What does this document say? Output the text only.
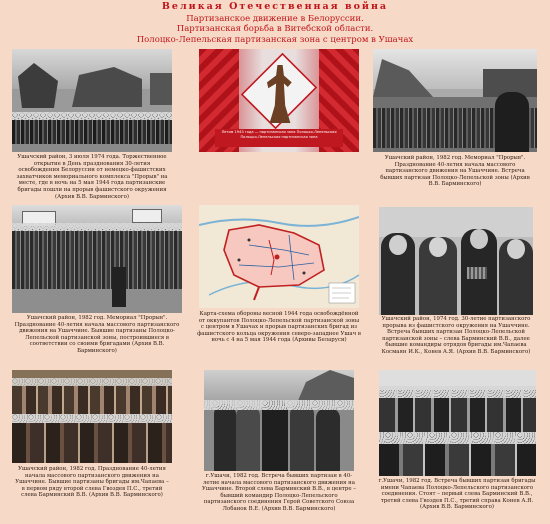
Великая Отечественная война
Партизанское движение в Белоруссии.
Партизанская борьба в Витебской области.
Полоцко-Лепельская партизанская зона с центром в Ушачах
Ушачский район, 3 июля 1974 года. Торжественное открытие в День празднования 30-летия освобождения Белоруссии от немецко-фашистских захватчиков мемориального комплекса "Прорыв" на месте, где в ночь на 5 мая 1944 года партизанские бригады пошли на прорыв фашистского окружения (Архив В.В. Барминского)
Летом 1943 года — партизанская зона Полоцко-Лепельская
Полоцко-Лепельская партизанская зона
Ушачский район, 1982 год. Мемориал "Прорыв". Празднование 40-летия начала массового партизанского движения на Ушаччине. Встреча бывших партизан Полоцко-Лепельской зоны (Архив В.В. Барминского)
Ушачский район, 1982 год. Мемориал "Прорыв". Празднование 40-летия начала массового партизанского движения на Ушаччине. Бывшие партизаны Полоцко-Лепельской партизанской зоны, построившиеся в соответствии со своими бригадами (Архив В.В. Барминского)
Карта-схема обороны весной 1944 года освобождённой от оккупантов Полоцко-Лепельской партизанской зоны с центром в Ушачах и прорыв партизанских бригад из фашистского кольца окружения северо-западнее Ушач в ночь с 4 на 5 мая 1944 года (Архивы Беларуси)
Ушачский район, 1974 год. 30-летие партизанского прорыва из фашистского окружения на Ушаччине. Встреча бывших партизан Полоцко-Лепельской партизанской зоны – слева Барминский В.В., далее бывшие командиры отрядов бригады им.Чапаева Космаян И.К., Конев А.Я. (Архив В.В. Барминского)
Ушачский район, 1982 год. Празднование 40-летия начала массового партизанского движения на Ушаччине. Бывшие партизаны бригады им.Чапаева – в первом ряду второй слева Гвоздев П.С., третий слева Барминский В.В. (Архив В.В. Барминского)
г.Ушачи, 1982 год. Встреча бывших партизан в 40-летие начала массового партизанского движения на Ушаччине. Второй слева Барминский В.В., в центре – бывший командир Полоцко-Лепельского партизанского соединения Герой Советского Союза Лобанок В.Е. (Архив В.В. Барминского)
г.Ушачи, 1982 год. Встреча бывших партизан бригады имени Чапаева Полоцко-Лепельского партизанского соединения. Стоят – первый слева Барминский В.В., третий слева Гвоздев П.С., третий справа Конев А.Я. (Архив В.В. Барминского)
